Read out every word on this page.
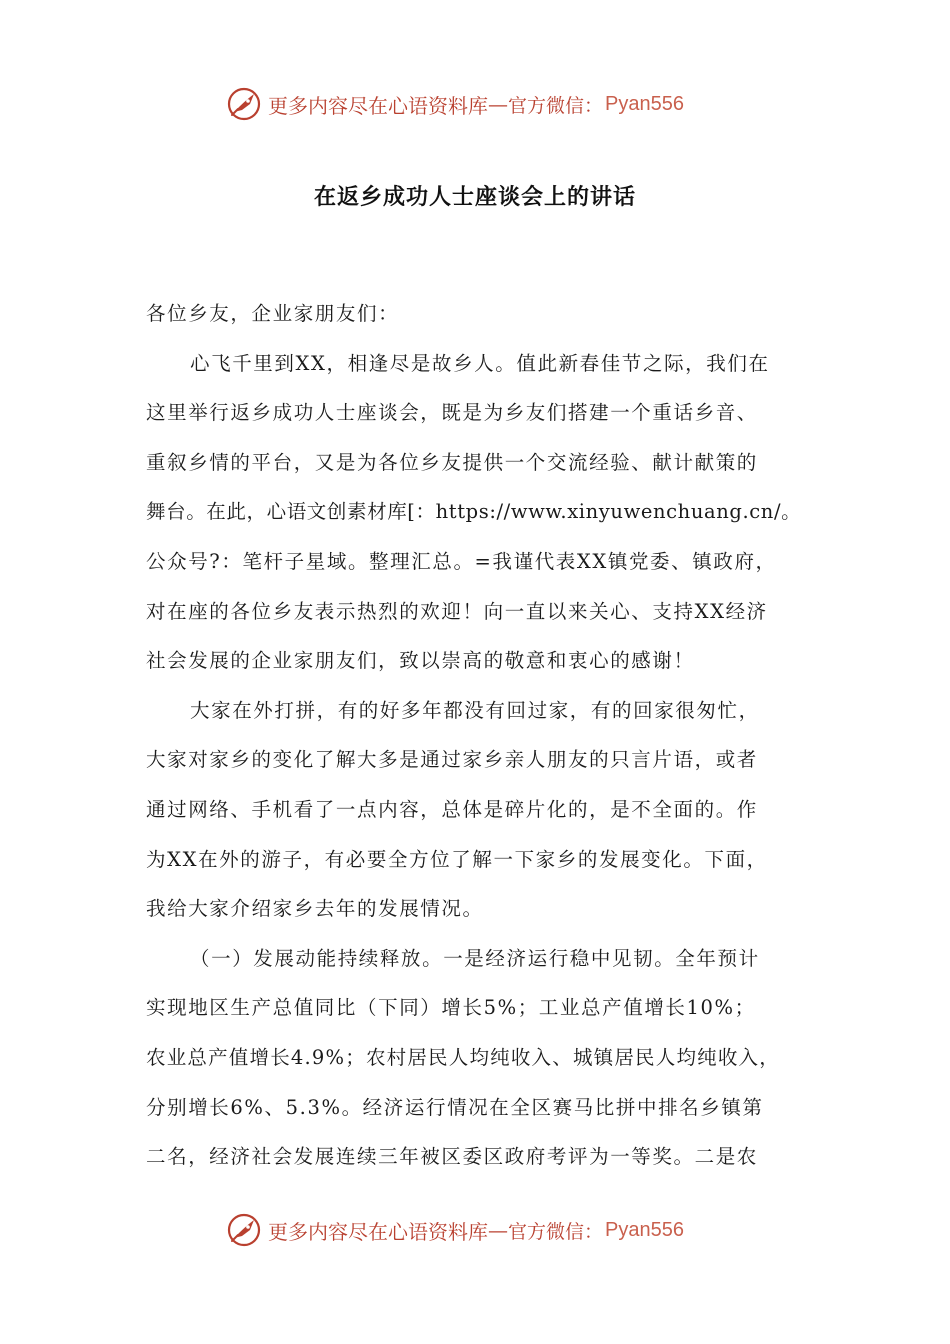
更多内容尽在心语资料库 — 官方微信： Pyan556
在返乡成功人士座谈会上的讲话
各位乡友，企业家朋友们：
心飞千里到XX，相逢尽是故乡人。值此新春佳节之际，我们在
这里举行返乡成功人士座谈会，既是为乡友们搭建一个重话乡音、
重叙乡情的平台，又是为各位乡友提供一个交流经验、献计献策的
舞台。在此，心语文创素材库[：https://www.xinyuwenchuang.cn/。
公众号?：笔杆子星域。整理汇总。=我谨代表XX镇党委、镇政府，
对在座的各位乡友表示热烈的欢迎！向一直以来关心、支持XX经济
社会发展的企业家朋友们，致以崇高的敬意和衷心的感谢！
大家在外打拼，有的好多年都没有回过家，有的回家很匆忙，
大家对家乡的变化了解大多是通过家乡亲人朋友的只言片语，或者
通过网络、手机看了一点内容，总体是碎片化的，是不全面的。作
为XX在外的游子，有必要全方位了解一下家乡的发展变化。下面，
我给大家介绍家乡去年的发展情况。
（一）发展动能持续释放。一是经济运行稳中见韧。全年预计
实现地区生产总值同比（下同）增长5%；工业总产值增长10%；
农业总产值增长4.9%；农村居民人均纯收入、城镇居民人均纯收入，
分别增长6%、5.3%。经济运行情况在全区赛马比拼中排名乡镇第
二名，经济社会发展连续三年被区委区政府考评为一等奖。二是农
更多内容尽在心语资料库 — 官方微信： Pyan556
